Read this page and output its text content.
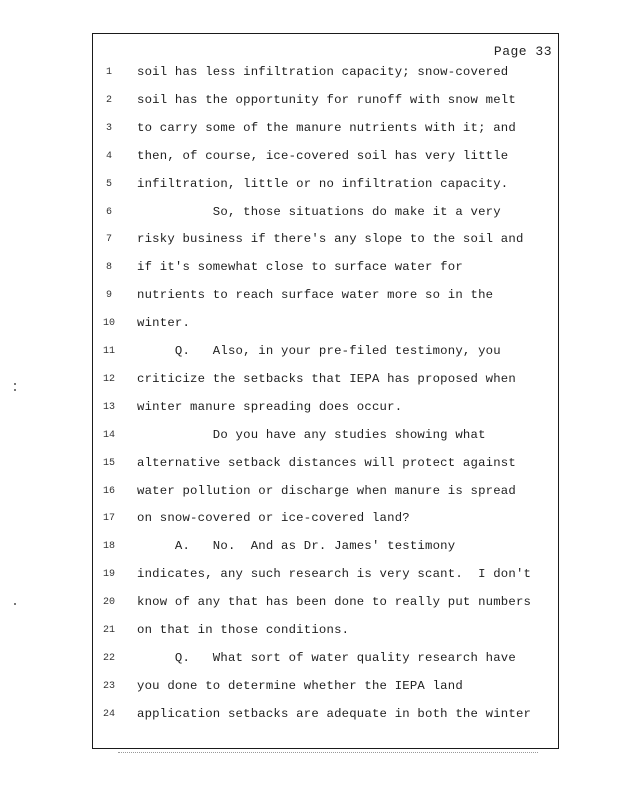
Page 33
1	soil has less infiltration capacity; snow-covered
2	soil has the opportunity for runoff with snow melt
3	to carry some of the manure nutrients with it; and
4	then, of course, ice-covered soil has very little
5	infiltration, little or no infiltration capacity.
6	So, those situations do make it a very
7	risky business if there's any slope to the soil and
8	if it's somewhat close to surface water for
9	nutrients to reach surface water more so in the
10	winter.
11	Q.   Also, in your pre-filed testimony, you
12	criticize the setbacks that IEPA has proposed when
13	winter manure spreading does occur.
14	Do you have any studies showing what
15	alternative setback distances will protect against
16	water pollution or discharge when manure is spread
17	on snow-covered or ice-covered land?
18	A.   No.  And as Dr. James' testimony
19	indicates, any such research is very scant.  I don't
20	know of any that has been done to really put numbers
21	on that in those conditions.
22	Q.   What sort of water quality research have
23	you done to determine whether the IEPA land
24	application setbacks are adequate in both the winter
